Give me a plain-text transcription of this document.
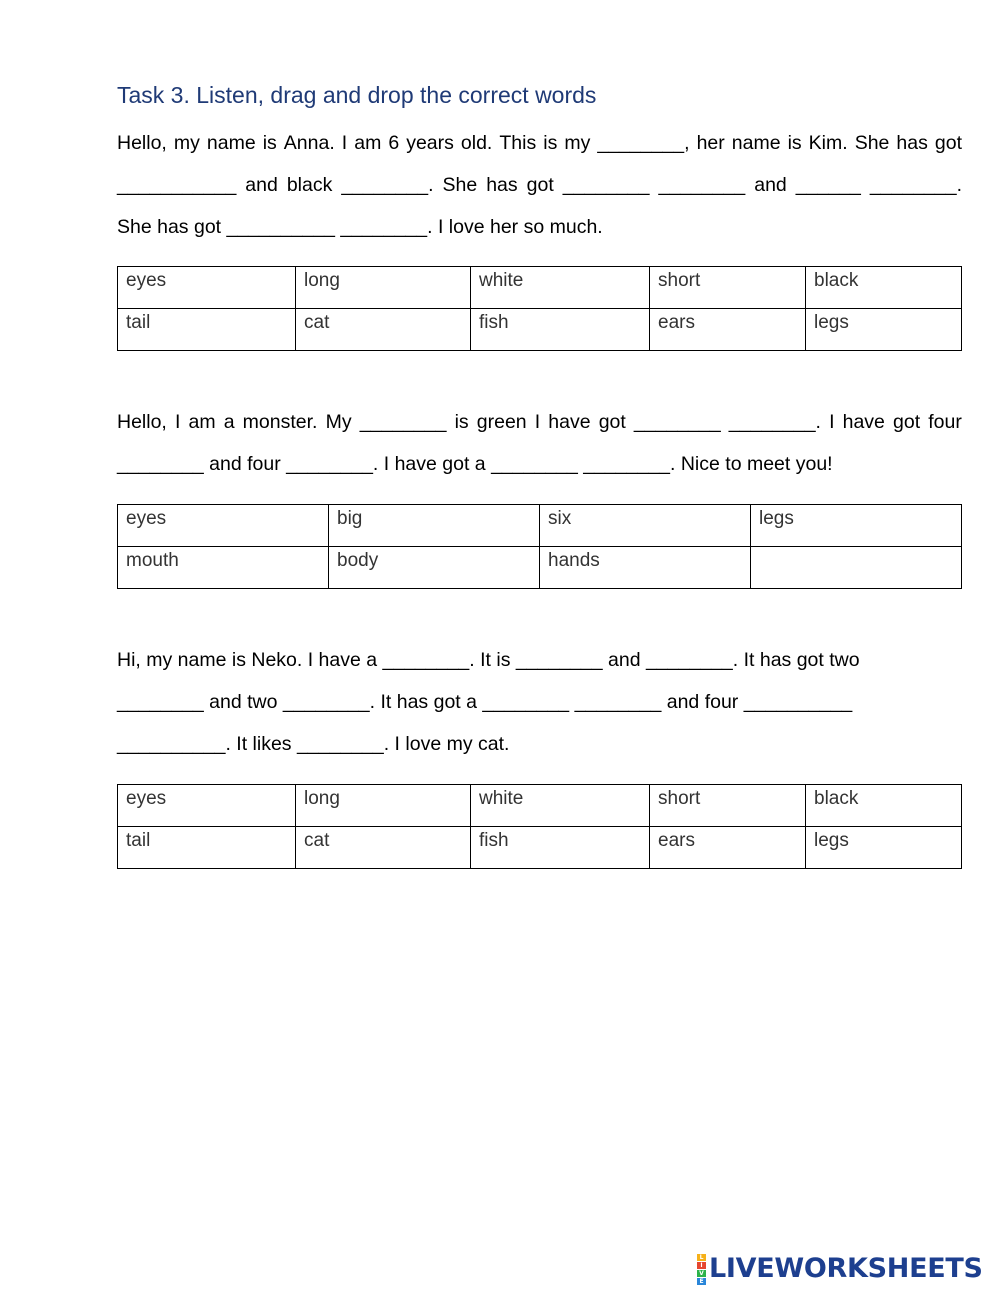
Task 3. Listen, drag and drop the correct words
Hello, my name is Anna. I am 6 years old. This is my ________, her name is Kim. She has got
___________ and black ________. She has got ________ ________ and ______ ________.
She has got __________ ________. I love her so much.
eyes	long	white	short	black
tail	cat	fish	ears	legs
Hello, I am a monster. My ________ is green I have got ________ ________. I have got four
________ and four ________. I have got a ________ ________. Nice to meet you!
eyes	big	six	legs
mouth	body	hands	
Hi, my name is Neko. I have a ________. It is ________ and ________. It has got two
________ and two ________. It has got a ________ ________ and four __________
__________. It likes ________. I love my cat.
eyes	long	white	short	black
tail	cat	fish	ears	legs
L
I
V
E LIVEWORKSHEETS
